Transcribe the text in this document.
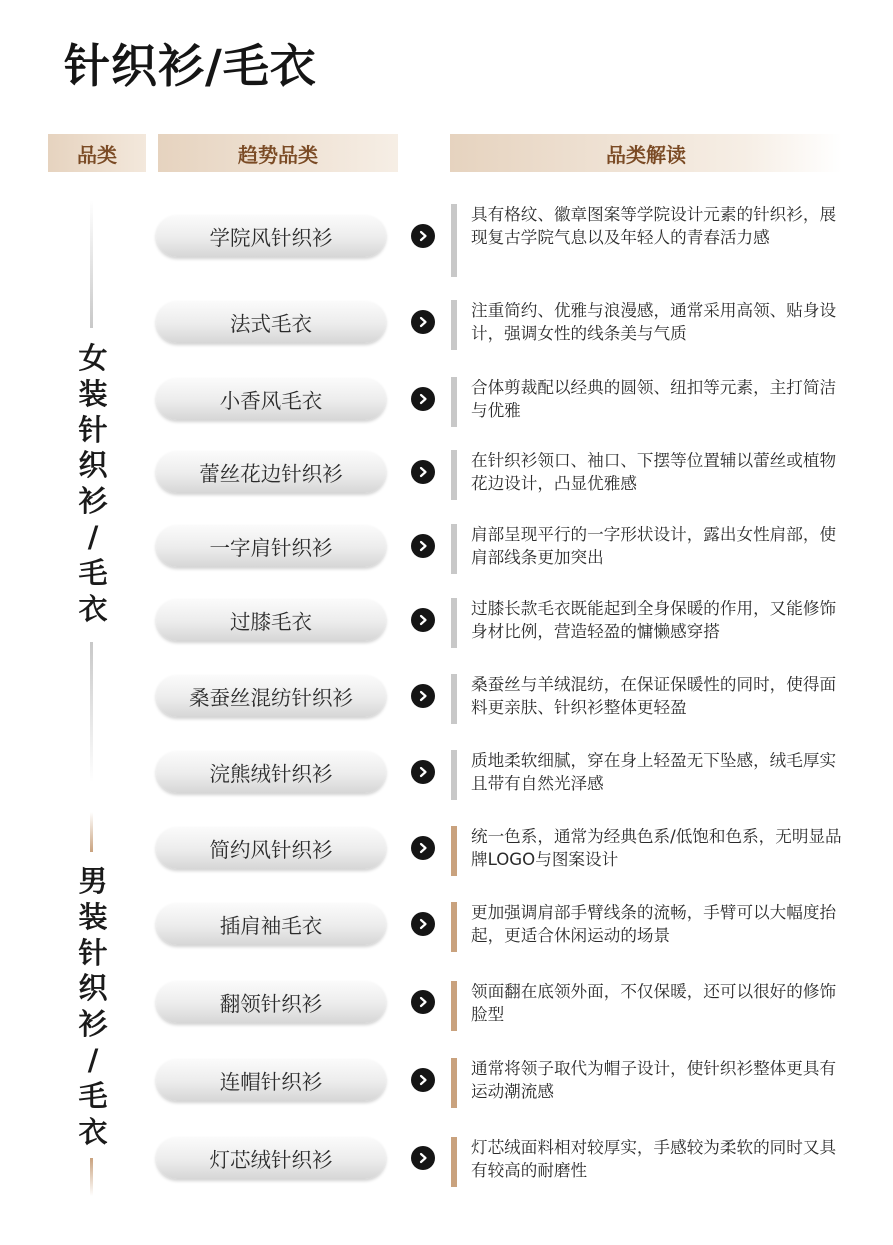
针织衫/毛衣
品类	趋势品类	品类解读
女
装
针
织
衫
/
毛
衣
男
装
针
织
衫
/
毛
衣
学院风针织衫
具有格纹、徽章图案等学院设计元素的针织衫，展现复古学院气息以及年轻人的青春活力感
法式毛衣
注重简约、优雅与浪漫感，通常采用高领、贴身设计，强调女性的线条美与气质
小香风毛衣
合体剪裁配以经典的圆领、纽扣等元素，主打简洁与优雅
蕾丝花边针织衫
在针织衫领口、袖口、下摆等位置辅以蕾丝或植物花边设计，凸显优雅感
一字肩针织衫
肩部呈现平行的一字形状设计，露出女性肩部，使肩部线条更加突出
过膝毛衣
过膝长款毛衣既能起到全身保暖的作用，又能修饰身材比例，营造轻盈的慵懒感穿搭
桑蚕丝混纺针织衫
桑蚕丝与羊绒混纺，在保证保暖性的同时，使得面料更亲肤、针织衫整体更轻盈
浣熊绒针织衫
质地柔软细腻，穿在身上轻盈无下坠感，绒毛厚实且带有自然光泽感
简约风针织衫
统一色系，通常为经典色系/低饱和色系，无明显品牌LOGO与图案设计
插肩袖毛衣
更加强调肩部手臂线条的流畅，手臂可以大幅度抬起，更适合休闲运动的场景
翻领针织衫
领面翻在底领外面，不仅保暖，还可以很好的修饰脸型
连帽针织衫
通常将领子取代为帽子设计，使针织衫整体更具有运动潮流感
灯芯绒针织衫
灯芯绒面料相对较厚实，手感较为柔软的同时又具有较高的耐磨性
